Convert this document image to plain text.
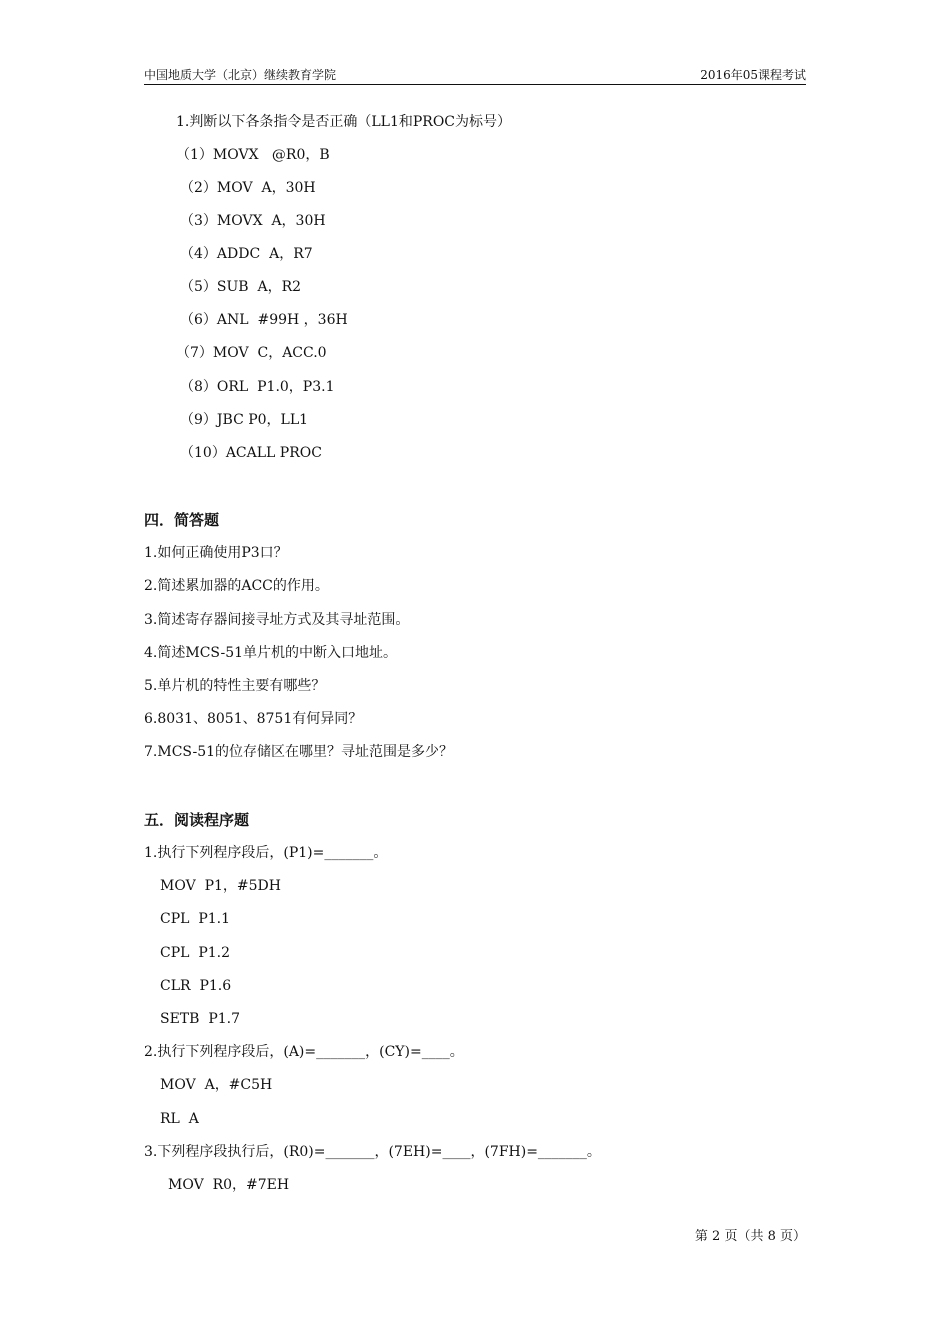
中国地质大学（北京）继续教育学院	2016年05课程考试
1.判断以下各条指令是否正确（LL1和PROC为标号）
（1）MOVX   @R0，B
（2）MOV  A，30H
（3）MOVX  A，30H
（4）ADDC  A，R7
（5）SUB  A，R2
（6）ANL  #99H ，36H
（7）MOV  C，ACC.0
（8）ORL  P1.0，P3.1
（9）JBC P0，LL1
（10）ACALL PROC
四．简答题
1.如何正确使用P3口？
2.简述累加器的ACC的作用。
3.简述寄存器间接寻址方式及其寻址范围。
4.简述MCS-51单片机的中断入口地址。
5.单片机的特性主要有哪些？
6.8031、8051、8751有何异同？
7.MCS-51的位存储区在哪里？寻址范围是多少？
五．阅读程序题
1.执行下列程序段后，(P1)=_______。
MOV  P1，#5DH
CPL  P1.1
CPL  P1.2
CLR  P1.6
SETB  P1.7
2.执行下列程序段后，(A)=_______，(CY)=____。
MOV  A，#C5H
RL  A
3.下列程序段执行后，(R0)=_______，(7EH)=____，(7FH)=_______。
MOV  R0，#7EH
第 2 页（共 8 页）
